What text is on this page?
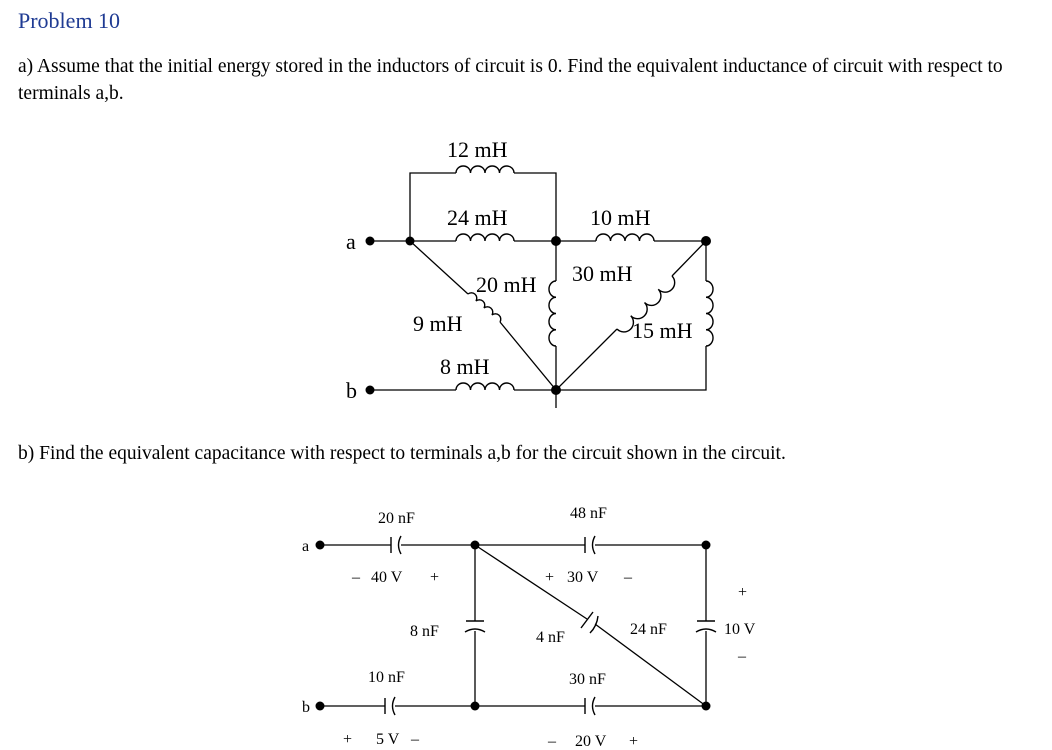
Problem 10
a) Assume that the initial energy stored in the inductors of circuit is 0. Find the equivalent inductance of circuit with respect to terminals a,b.
b) Find the equivalent capacitance with respect to terminals a,b for the circuit shown in the circuit.
a
b
12 mH
24 mH	10 mH
20 mH 30 mH
9 mH	15 mH
8 mH
a
b
20 nF	48 nF
8 nF	4 nF	24 nF
10 nF	30 nF
– 40 V +	+ 30 V –
+
10 V
–
+ 5 V –	– 20 V +
